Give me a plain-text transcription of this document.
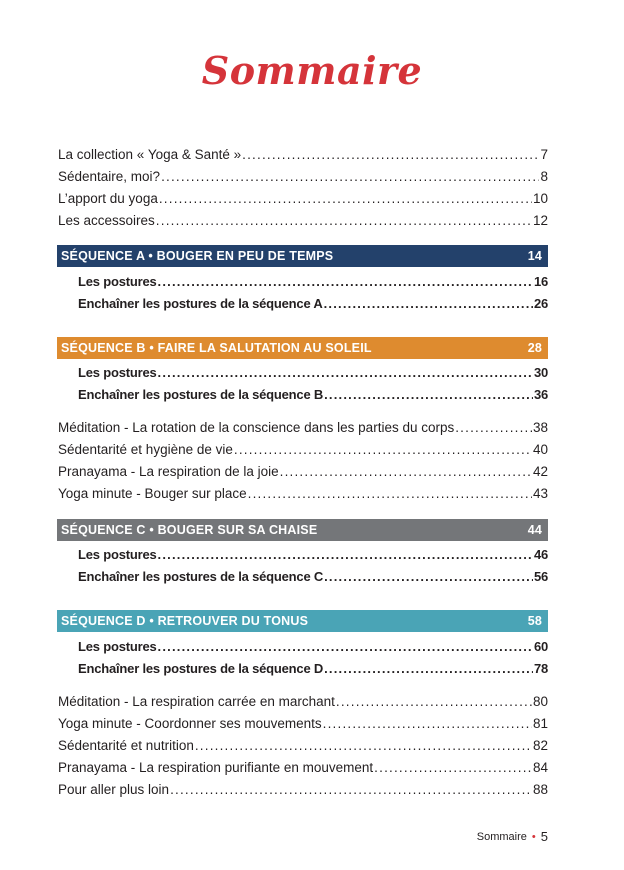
Sommaire
La collection « Yoga & Santé » .....	7
Sédentaire, moi? .....	8
L’apport du yoga .....	10
Les accessoires .....	12
SÉQUENCE A • BOUGER EN PEU DE TEMPS	14
Les postures .....	16
Enchaîner les postures de la séquence A .....	26
SÉQUENCE B • FAIRE LA SALUTATION AU SOLEIL	28
Les postures .....	30
Enchaîner les postures de la séquence B .....	36
Méditation - La rotation de la conscience dans les parties du corps .....	38
Sédentarité et hygiène de vie .....	40
Pranayama - La respiration de la joie .....	42
Yoga minute - Bouger sur place .....	43
SÉQUENCE C • BOUGER SUR SA CHAISE	44
Les postures .....	46
Enchaîner les postures de la séquence C .....	56
SÉQUENCE D • RETROUVER DU TONUS	58
Les postures .....	60
Enchaîner les postures de la séquence D .....	78
Méditation - La respiration carrée en marchant .....	80
Yoga minute - Coordonner ses mouvements .....	81
Sédentarité et nutrition .....	82
Pranayama - La respiration purifiante en mouvement .....	84
Pour aller plus loin .....	88
Sommaire • 5
